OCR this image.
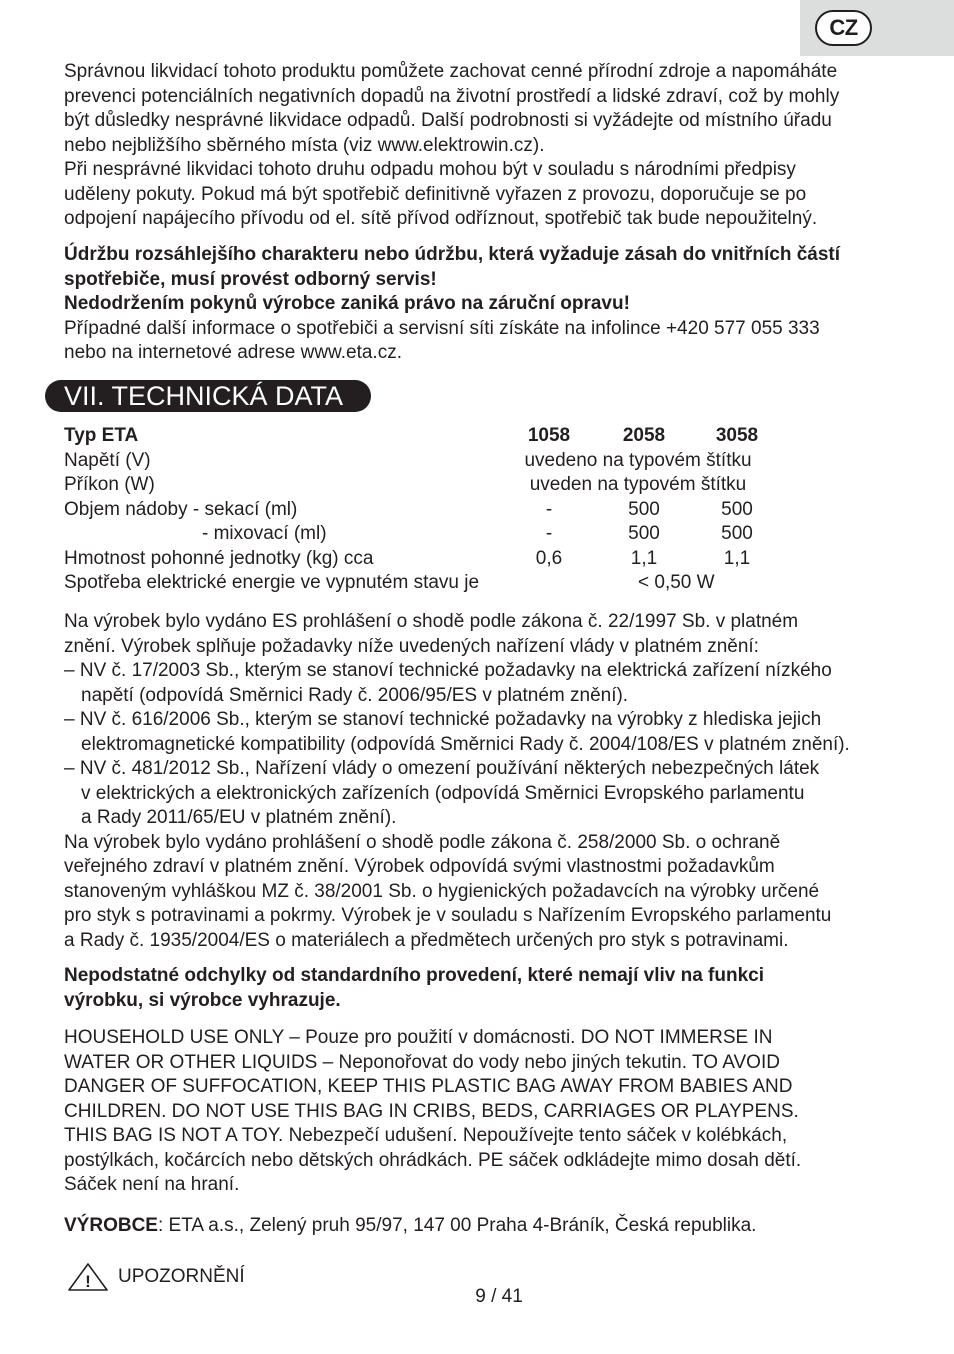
CZ

Správnou likvidací tohoto produktu pomůžete zachovat cenné přírodní zdroje a napomáháte

prevenci potenciálních negativních dopadů na životní prostředí a lidské zdraví, což by mohly

být důsledky nesprávné likvidace odpadů. Další podrobnosti si vyžádejte od místního úřadu

nebo nejbližšího sběrného místa (viz www.elektrowin.cz).

Při nesprávné likvidaci tohoto druhu odpadu mohou být v souladu s národními předpisy

uděleny pokuty. Pokud má být spotřebič definitivně vyřazen z provozu, doporučuje se po

odpojení napájecího přívodu od el. sítě přívod odříznout, spotřebič tak bude nepoužitelný.

Údržbu rozsáhlejšího charakteru nebo údržbu, která vyžaduje zásah do vnitřních částí

spotřebiče, musí provést odborný servis!

Nedodržením pokynů výrobce zaniká právo na záruční opravu!

Případné další informace o spotřebiči a servisní síti získáte na infolince +420 577 055 333

nebo na internetové adrese www.eta.cz.

VII. TECHNICKÁ DATA
Typ ETA	1058	2058	3058
Napětí (V)	uvedeno na typovém štítku
Příkon (W)	uveden na typovém štítku
Objem nádoby - sekací (ml)	-	500	500
- mixovací (ml)	-	500	500
Hmotnost pohonné jednotky (kg) cca	0,6	1,1	1,1
Spotřeba elektrické energie ve vypnutém stavu je	< 0,50 W

Na výrobek bylo vydáno ES prohlášení o shodě podle zákona č. 22/1997 Sb. v platném

znění. Výrobek splňuje požadavky níže uvedených nařízení vlády v platném znění:

– NV č. 17/2003 Sb., kterým se stanoví technické požadavky na elektrická zařízení nízkého

napětí (odpovídá Směrnici Rady č. 2006/95/ES v platném znění).

– NV č. 616/2006 Sb., kterým se stanoví technické požadavky na výrobky z hlediska jejich

elektromagnetické kompatibility (odpovídá Směrnici Rady č. 2004/108/ES v platném znění).

– NV č. 481/2012 Sb., Nařízení vlády o omezení používání některých nebezpečných látek

v elektrických a elektronických zařízeních (odpovídá Směrnici Evropského parlamentu

a Rady 2011/65/EU v platném znění).

Na výrobek bylo vydáno prohlášení o shodě podle zákona č. 258/2000 Sb. o ochraně

veřejného zdraví v platném znění. Výrobek odpovídá svými vlastnostmi požadavkům

stanoveným vyhláškou MZ č. 38/2001 Sb. o hygienických požadavcích na výrobky určené

pro styk s potravinami a pokrmy. Výrobek je v souladu s Nařízením Evropského parlamentu

a Rady č. 1935/2004/ES o materiálech a předmětech určených pro styk s potravinami.

Nepodstatné odchylky od standardního provedení, které nemají vliv na funkci

výrobku, si výrobce vyhrazuje.

HOUSEHOLD USE ONLY – Pouze pro použití v domácnosti. DO NOT IMMERSE IN

WATER OR OTHER LIQUIDS – Neponořovat do vody nebo jiných tekutin. TO AVOID

DANGER OF SUFFOCATION, KEEP THIS PLASTIC BAG AWAY FROM BABIES AND

CHILDREN. DO NOT USE THIS BAG IN CRIBS, BEDS, CARRIAGES OR PLAYPENS.

THIS BAG IS NOT A TOY. Nebezpečí udušení. Nepoužívejte tento sáček v kolébkách,

postýlkách, kočárcích nebo dětských ohrádkách. PE sáček odkládejte mimo dosah dětí.

Sáček není na hraní.

VÝROBCE: ETA a.s., Zelený pruh 95/97, 147 00 Praha 4-Bráník, Česká republika.

! UPOZORNĚNÍ
9 / 41
